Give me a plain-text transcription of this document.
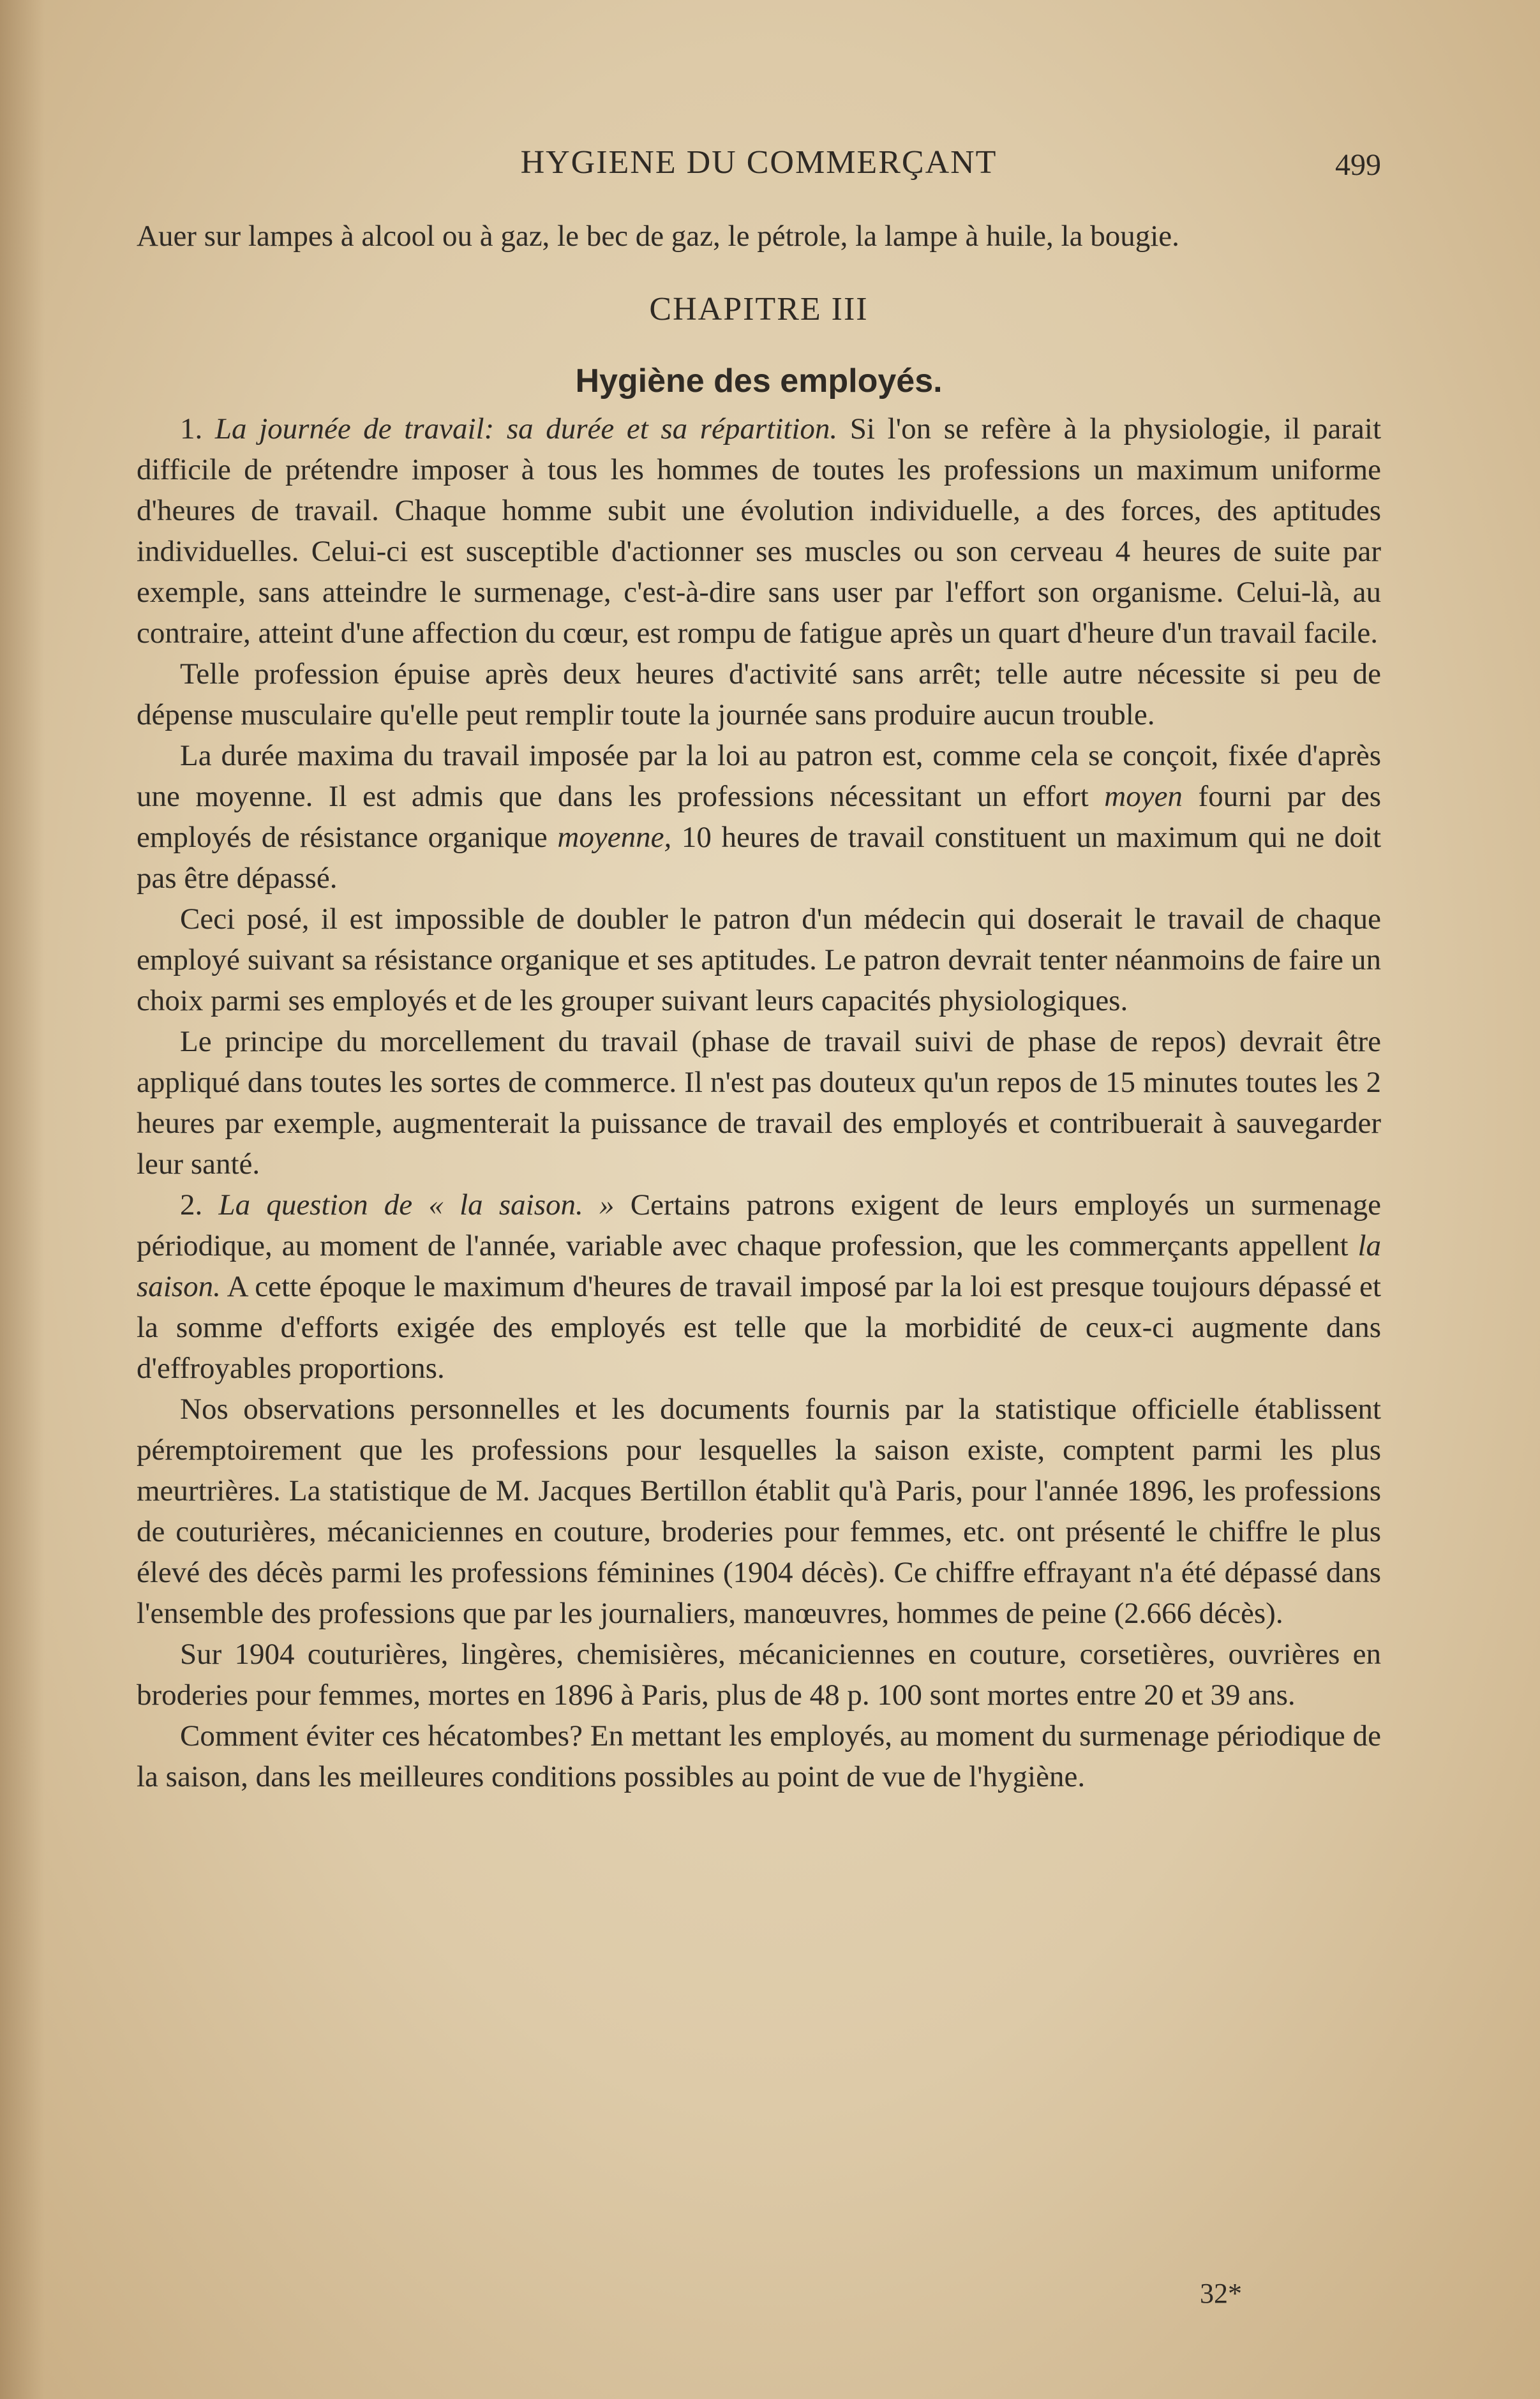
HYGIENE DU COMMERÇANT	499

Auer sur lampes à alcool ou à gaz, le bec de gaz, le pétrole, la lampe à huile, la bougie.

CHAPITRE III

Hygiène des employés.

1. La journée de travail: sa durée et sa répartition. Si l'on se refère à la physiologie, il parait difficile de prétendre imposer à tous les hommes de toutes les professions un maximum uniforme d'heures de travail. Chaque homme subit une évolution individuelle, a des forces, des aptitudes individuelles. Celui-ci est susceptible d'actionner ses muscles ou son cerveau 4 heures de suite par exemple, sans atteindre le surmenage, c'est-à-dire sans user par l'effort son organisme. Celui-là, au contraire, atteint d'une affection du cœur, est rompu de fatigue après un quart d'heure d'un travail facile.

Telle profession épuise après deux heures d'activité sans arrêt; telle autre nécessite si peu de dépense musculaire qu'elle peut remplir toute la journée sans produire aucun trouble.

La durée maxima du travail imposée par la loi au patron est, comme cela se conçoit, fixée d'après une moyenne. Il est admis que dans les professions nécessitant un effort moyen fourni par des employés de résistance organique moyenne, 10 heures de travail constituent un maximum qui ne doit pas être dépassé.

Ceci posé, il est impossible de doubler le patron d'un médecin qui doserait le travail de chaque employé suivant sa résistance organique et ses aptitudes. Le patron devrait tenter néanmoins de faire un choix parmi ses employés et de les grouper suivant leurs capacités physiologiques.

Le principe du morcellement du travail (phase de travail suivi de phase de repos) devrait être appliqué dans toutes les sortes de commerce. Il n'est pas douteux qu'un repos de 15 minutes toutes les 2 heures par exemple, augmenterait la puissance de travail des employés et contribuerait à sauvegarder leur santé.

2. La question de « la saison. » Certains patrons exigent de leurs employés un surmenage périodique, au moment de l'année, variable avec chaque profession, que les commerçants appellent la saison. A cette époque le maximum d'heures de travail imposé par la loi est presque toujours dépassé et la somme d'efforts exigée des employés est telle que la morbidité de ceux-ci augmente dans d'effroyables proportions.

Nos observations personnelles et les documents fournis par la statistique officielle établissent péremptoirement que les professions pour lesquelles la saison existe, comptent parmi les plus meurtrières. La statistique de M. Jacques Bertillon établit qu'à Paris, pour l'année 1896, les professions de couturières, mécaniciennes en couture, broderies pour femmes, etc. ont présenté le chiffre le plus élevé des décès parmi les professions féminines (1904 décès). Ce chiffre effrayant n'a été dépassé dans l'ensemble des professions que par les journaliers, manœuvres, hommes de peine (2.666 décès).

Sur 1904 couturières, lingères, chemisières, mécaniciennes en couture, corsetières, ouvrières en broderies pour femmes, mortes en 1896 à Paris, plus de 48 p. 100 sont mortes entre 20 et 39 ans.

Comment éviter ces hécatombes? En mettant les employés, au moment du surmenage périodique de la saison, dans les meilleures conditions possibles au point de vue de l'hygiène.

32*
